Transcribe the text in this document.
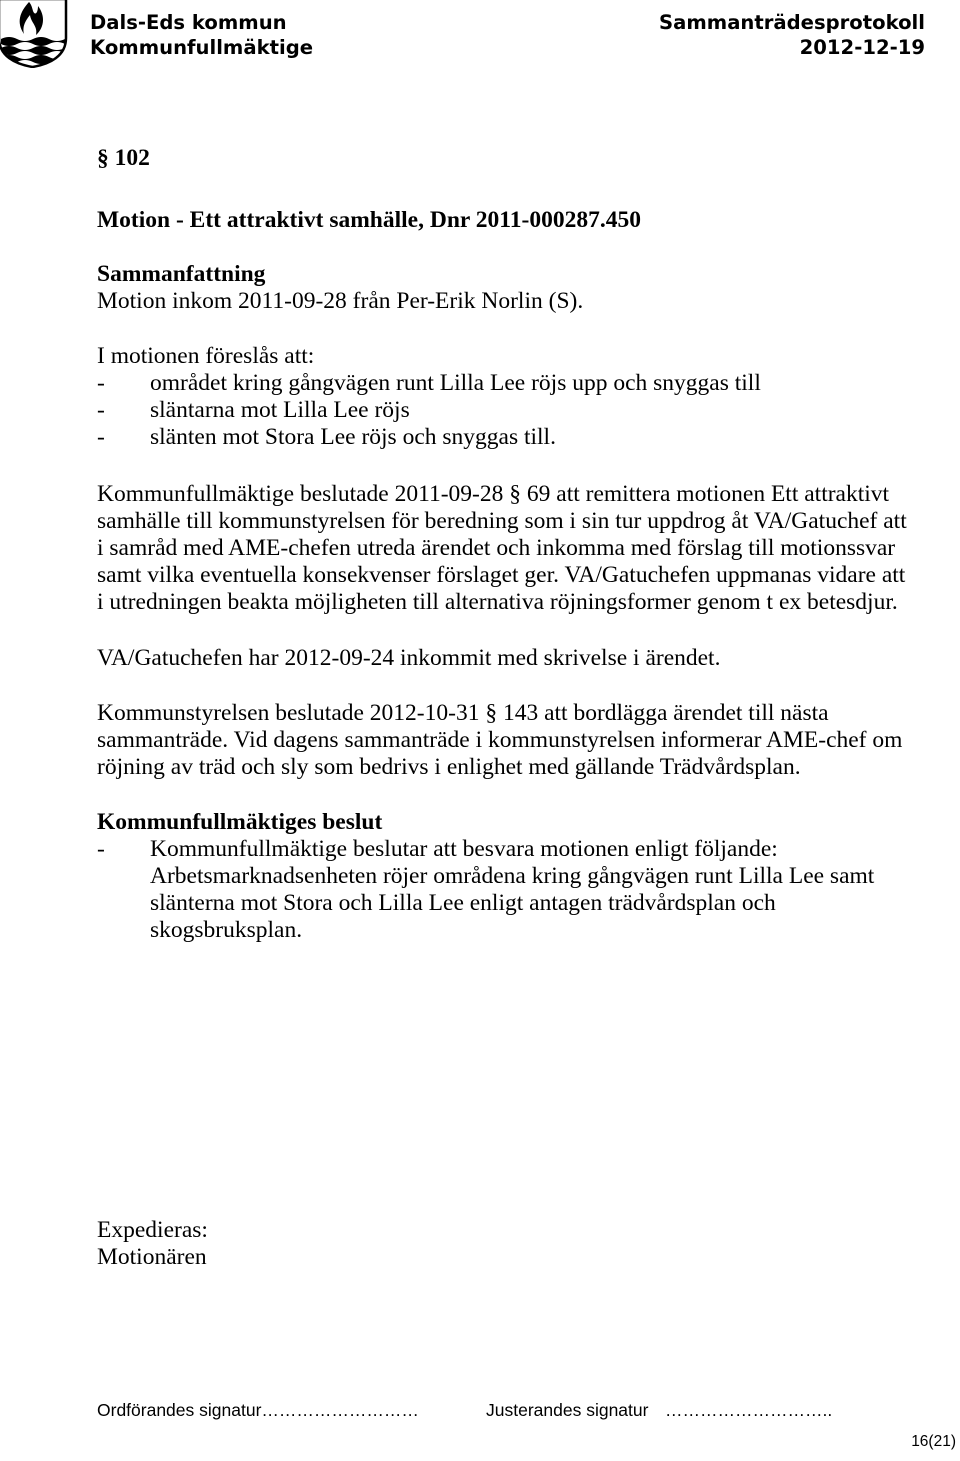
Dals-Eds kommun
Kommunfullmäktige
Sammanträdesprotokoll
2012-12-19
§ 102
Motion - Ett attraktivt samhälle, Dnr 2011-000287.450
Sammanfattning
Motion inkom 2011-09-28 från Per-Erik Norlin (S).
I motionen föreslås att:
- området kring gångvägen runt Lilla Lee röjs upp och snyggas till
- släntarna mot Lilla Lee röjs
- slänten mot Stora Lee röjs och snyggas till.
Kommunfullmäktige beslutade 2011-09-28 § 69 att remittera motionen Ett attraktivt
samhälle till kommunstyrelsen för beredning som i sin tur uppdrog åt VA/Gatuchef att
i samråd med AME-chefen utreda ärendet och inkomma med förslag till motionssvar
samt vilka eventuella konsekvenser förslaget ger. VA/Gatuchefen uppmanas vidare att
i utredningen beakta möjligheten till alternativa röjningsformer genom t ex betesdjur.
VA/Gatuchefen har 2012-09-24 inkommit med skrivelse i ärendet.
Kommunstyrelsen beslutade 2012-10-31 § 143 att bordlägga ärendet till nästa
sammanträde. Vid dagens sammanträde i kommunstyrelsen informerar AME-chef om
röjning av träd och sly som bedrivs i enlighet med gällande Trädvårdsplan.
Kommunfullmäktiges beslut
- Kommunfullmäktige beslutar att besvara motionen enligt följande:
Arbetsmarknadsenheten röjer områdena kring gångvägen runt Lilla Lee samt
slänterna mot Stora och Lilla Lee enligt antagen trädvårdsplan och
skogsbruksplan.
Expedieras:
Motionären
Ordförandes signatur………………………	Justerandes signatur ………………………..
16(21)
